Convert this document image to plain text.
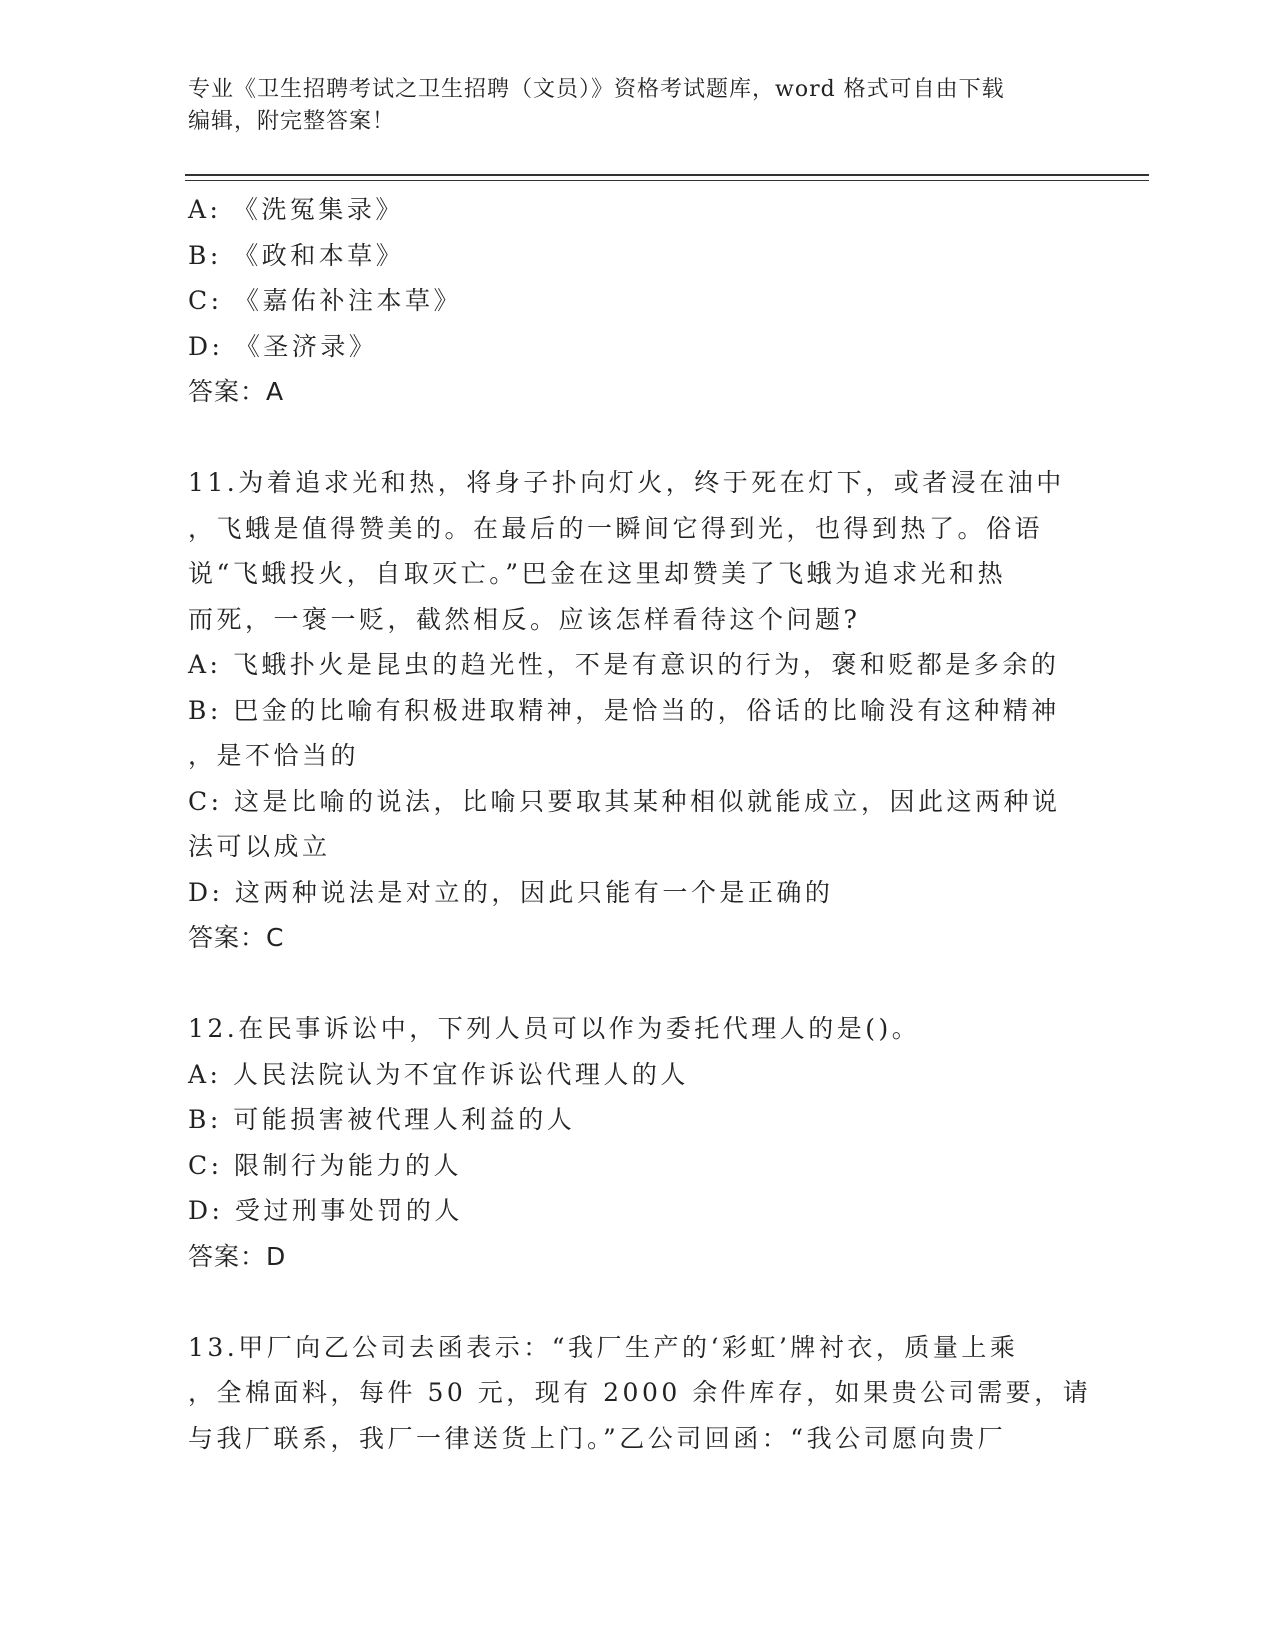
专业《卫生招聘考试之卫生招聘（文员）》资格考试题库，word 格式可自由下载
编辑，附完整答案！
A: 《洗冤集录》
B: 《政和本草》
C: 《嘉佑补注本草》
D: 《圣济录》
答案：A
11.为着追求光和热，将身子扑向灯火，终于死在灯下，或者浸在油中
，飞蛾是值得赞美的。在最后的一瞬间它得到光，也得到热了。俗语
说“飞蛾投火，自取灭亡。”巴金在这里却赞美了飞蛾为追求光和热
而死，一褒一贬，截然相反。应该怎样看待这个问题?
A: 飞蛾扑火是昆虫的趋光性，不是有意识的行为，褒和贬都是多余的
B: 巴金的比喻有积极进取精神，是恰当的，俗话的比喻没有这种精神
，是不恰当的
C: 这是比喻的说法，比喻只要取其某种相似就能成立，因此这两种说
法可以成立
D: 这两种说法是对立的，因此只能有一个是正确的
答案：C
12.在民事诉讼中，下列人员可以作为委托代理人的是()。
A: 人民法院认为不宜作诉讼代理人的人
B: 可能损害被代理人利益的人
C: 限制行为能力的人
D: 受过刑事处罚的人
答案：D
13.甲厂向乙公司去函表示：“我厂生产的‘彩虹’牌衬衣，质量上乘
，全棉面料，每件 50 元，现有 2000 余件库存，如果贵公司需要，请
与我厂联系，我厂一律送货上门。”乙公司回函：“我公司愿向贵厂
